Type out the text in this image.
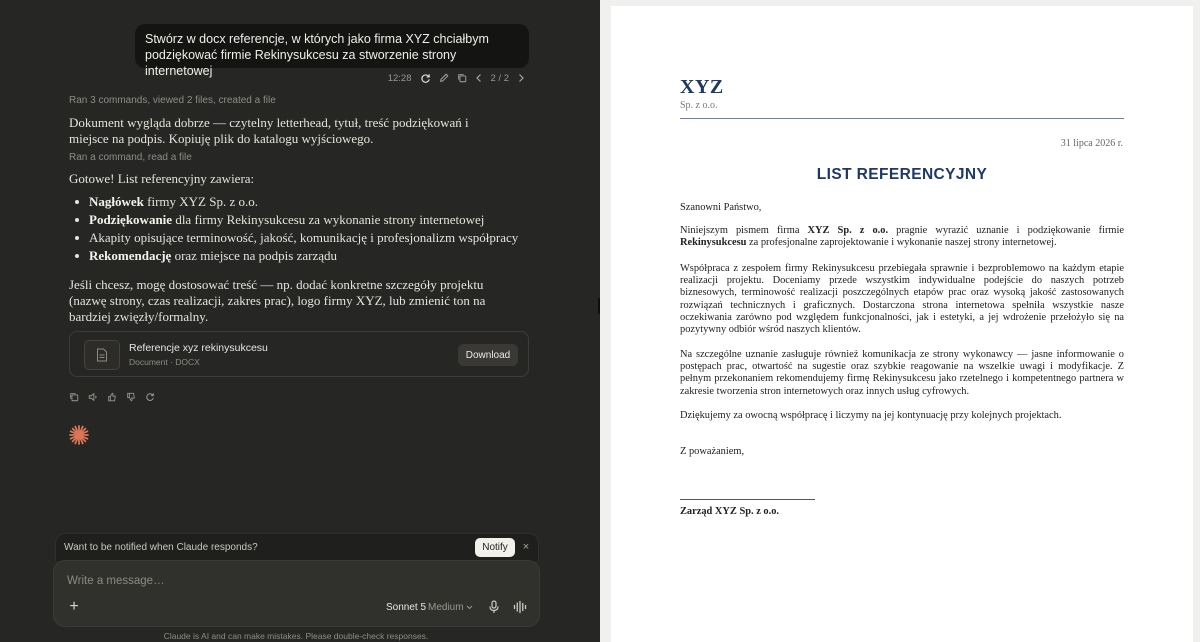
Stwórz w docx referencje, w których jako firma XYZ chciałbym podziękować firmie Rekinysukcesu za stworzenie strony internetowej	12:28	2 / 2
Ran 3 commands, viewed 2 files, created a file
Dokument wygląda dobrze — czytelny letterhead, tytuł, treść podziękowań i miejsce na podpis. Kopiuję plik do katalogu wyjściowego.
Ran a command, read a file
Gotowe! List referencyjny zawiera:
Nagłówek firmy XYZ Sp. z o.o.
Podziękowanie dla firmy Rekinysukcesu za wykonanie strony internetowej
Akapity opisujące terminowość, jakość, komunikację i profesjonalizm współpracy
Rekomendację oraz miejsce na podpis zarządu
Jeśli chcesz, mogę dostosować treść — np. dodać konkretne szczegóły projektu (nazwę strony, czas realizacji, zakres prac), logo firmy XYZ, lub zmienić ton na bardziej zwięzły/formalny.
Referencje xyz rekinysukcesu
Document · DOCX
Download
Want to be notified when Claude responds?	Notify	×
Write a message…
+	Sonnet 5 Medium
Claude is AI and can make mistakes. Please double-check responses.
XYZ
Sp. z o.o.
31 lipca 2026 r.
LIST REFERENCYJNY
Szanowni Państwo,
Niniejszym pismem firma XYZ Sp. z o.o. pragnie wyrazić uznanie i podziękowanie firmie Rekinysukcesu za profesjonalne zaprojektowanie i wykonanie naszej strony internetowej.
Współpraca z zespołem firmy Rekinysukcesu przebiegała sprawnie i bezproblemowo na każdym etapie realizacji projektu. Doceniamy przede wszystkim indywidualne podejście do naszych potrzeb biznesowych, terminowość realizacji poszczególnych etapów prac oraz wysoką jakość zastosowanych rozwiązań technicznych i graficznych. Dostarczona strona internetowa spełniła wszystkie nasze oczekiwania zarówno pod względem funkcjonalności, jak i estetyki, a jej wdrożenie przełożyło się na pozytywny odbiór wśród naszych klientów.
Na szczególne uznanie zasługuje również komunikacja ze strony wykonawcy — jasne informowanie o postępach prac, otwartość na sugestie oraz szybkie reagowanie na wszelkie uwagi i modyfikacje. Z pełnym przekonaniem rekomendujemy firmę Rekinysukcesu jako rzetelnego i kompetentnego partnera w zakresie tworzenia stron internetowych oraz innych usług cyfrowych.
Dziękujemy za owocną współpracę i liczymy na jej kontynuację przy kolejnych projektach.
Z poważaniem,
Zarząd XYZ Sp. z o.o.
